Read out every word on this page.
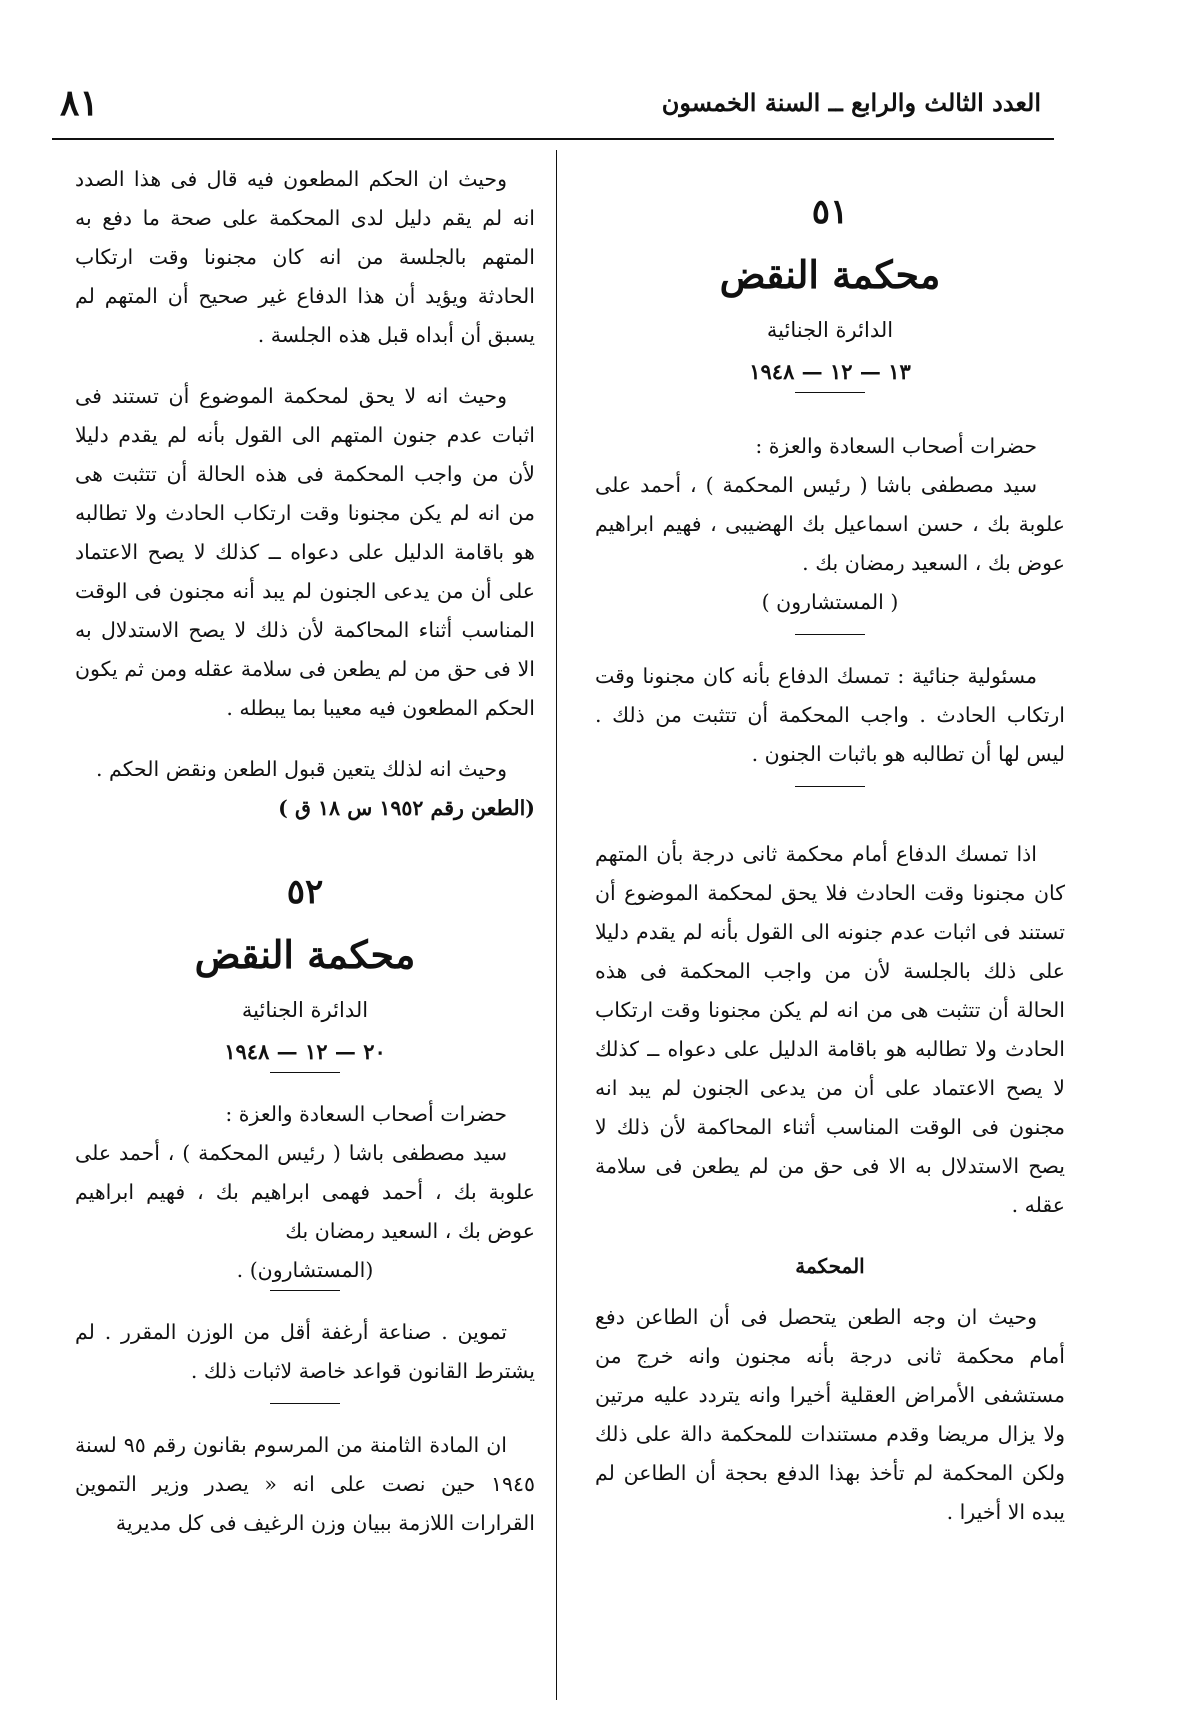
العدد الثالث والرابع ــ السنة الخمسون
٨١
٥١
محكمة النقض
الدائرة الجنائية
١٣ — ١٢ — ١٩٤٨

حضرات أصحاب السعادة والعزة :

سيد مصطفى باشا ( رئيس المحكمة ) ، أحمد على علوبة بك ، حسن اسماعيل بك الهضيبى ، فهيم ابراهيم عوض بك ، السعيد رمضان بك .

( المستشارون )

مسئولية جنائية : تمسك الدفاع بأنه كان مجنونا وقت ارتكاب الحادث . واجب المحكمة أن تتثبت من ذلك . ليس لها أن تطالبه هو باثبات الجنون .

اذا تمسك الدفاع أمام محكمة ثانى درجة بأن المتهم كان مجنونا وقت الحادث فلا يحق لمحكمة الموضوع أن تستند فى اثبات عدم جنونه الى القول بأنه لم يقدم دليلا على ذلك بالجلسة لأن من واجب المحكمة فى هذه الحالة أن تتثبت هى من انه لم يكن مجنونا وقت ارتكاب الحادث ولا تطالبه هو باقامة الدليل على دعواه ــ كذلك لا يصح الاعتماد على أن من يدعى الجنون لم يبد انه مجنون فى الوقت المناسب أثناء المحاكمة لأن ذلك لا يصح الاستدلال به الا فى حق من لم يطعن فى سلامة عقله .

المحكمة

وحيث ان وجه الطعن يتحصل فى أن الطاعن دفع أمام محكمة ثانى درجة بأنه مجنون وانه خرج من مستشفى الأمراض العقلية أخيرا وانه يتردد عليه مرتين ولا يزال مريضا وقدم مستندات للمحكمة دالة على ذلك ولكن المحكمة لم تأخذ بهذا الدفع بحجة أن الطاعن لم يبده الا أخيرا .

وحيث ان الحكم المطعون فيه قال فى هذا الصدد انه لم يقم دليل لدى المحكمة على صحة ما دفع به المتهم بالجلسة من انه كان مجنونا وقت ارتكاب الحادثة ويؤيد أن هذا الدفاع غير صحيح أن المتهم لم يسبق أن أبداه قبل هذه الجلسة .

وحيث انه لا يحق لمحكمة الموضوع أن تستند فى اثبات عدم جنون المتهم الى القول بأنه لم يقدم دليلا لأن من واجب المحكمة فى هذه الحالة أن تتثبت هى من انه لم يكن مجنونا وقت ارتكاب الحادث ولا تطالبه هو باقامة الدليل على دعواه ــ كذلك لا يصح الاعتماد على أن من يدعى الجنون لم يبد أنه مجنون فى الوقت المناسب أثناء المحاكمة لأن ذلك لا يصح الاستدلال به الا فى حق من لم يطعن فى سلامة عقله ومن ثم يكون الحكم المطعون فيه معيبا بما يبطله .

وحيث انه لذلك يتعين قبول الطعن ونقض الحكم .

(الطعن رقم ١٩٥٢ س ١٨ ق )

٥٢
محكمة النقض
الدائرة الجنائية
٢٠ — ١٢ — ١٩٤٨

حضرات أصحاب السعادة والعزة :

سيد مصطفى باشا ( رئيس المحكمة ) ، أحمد على علوبة بك ، أحمد فهمى ابراهيم بك ، فهيم ابراهيم عوض بك ، السعيد رمضان بك

(المستشارون) .

تموين . صناعة أرغفة أقل من الوزن المقرر . لم يشترط القانون قواعد خاصة لاثبات ذلك .

ان المادة الثامنة من المرسوم بقانون رقم ٩٥ لسنة ١٩٤٥ حين نصت على انه « يصدر وزير التموين القرارات اللازمة ببيان وزن الرغيف فى كل مديرية
